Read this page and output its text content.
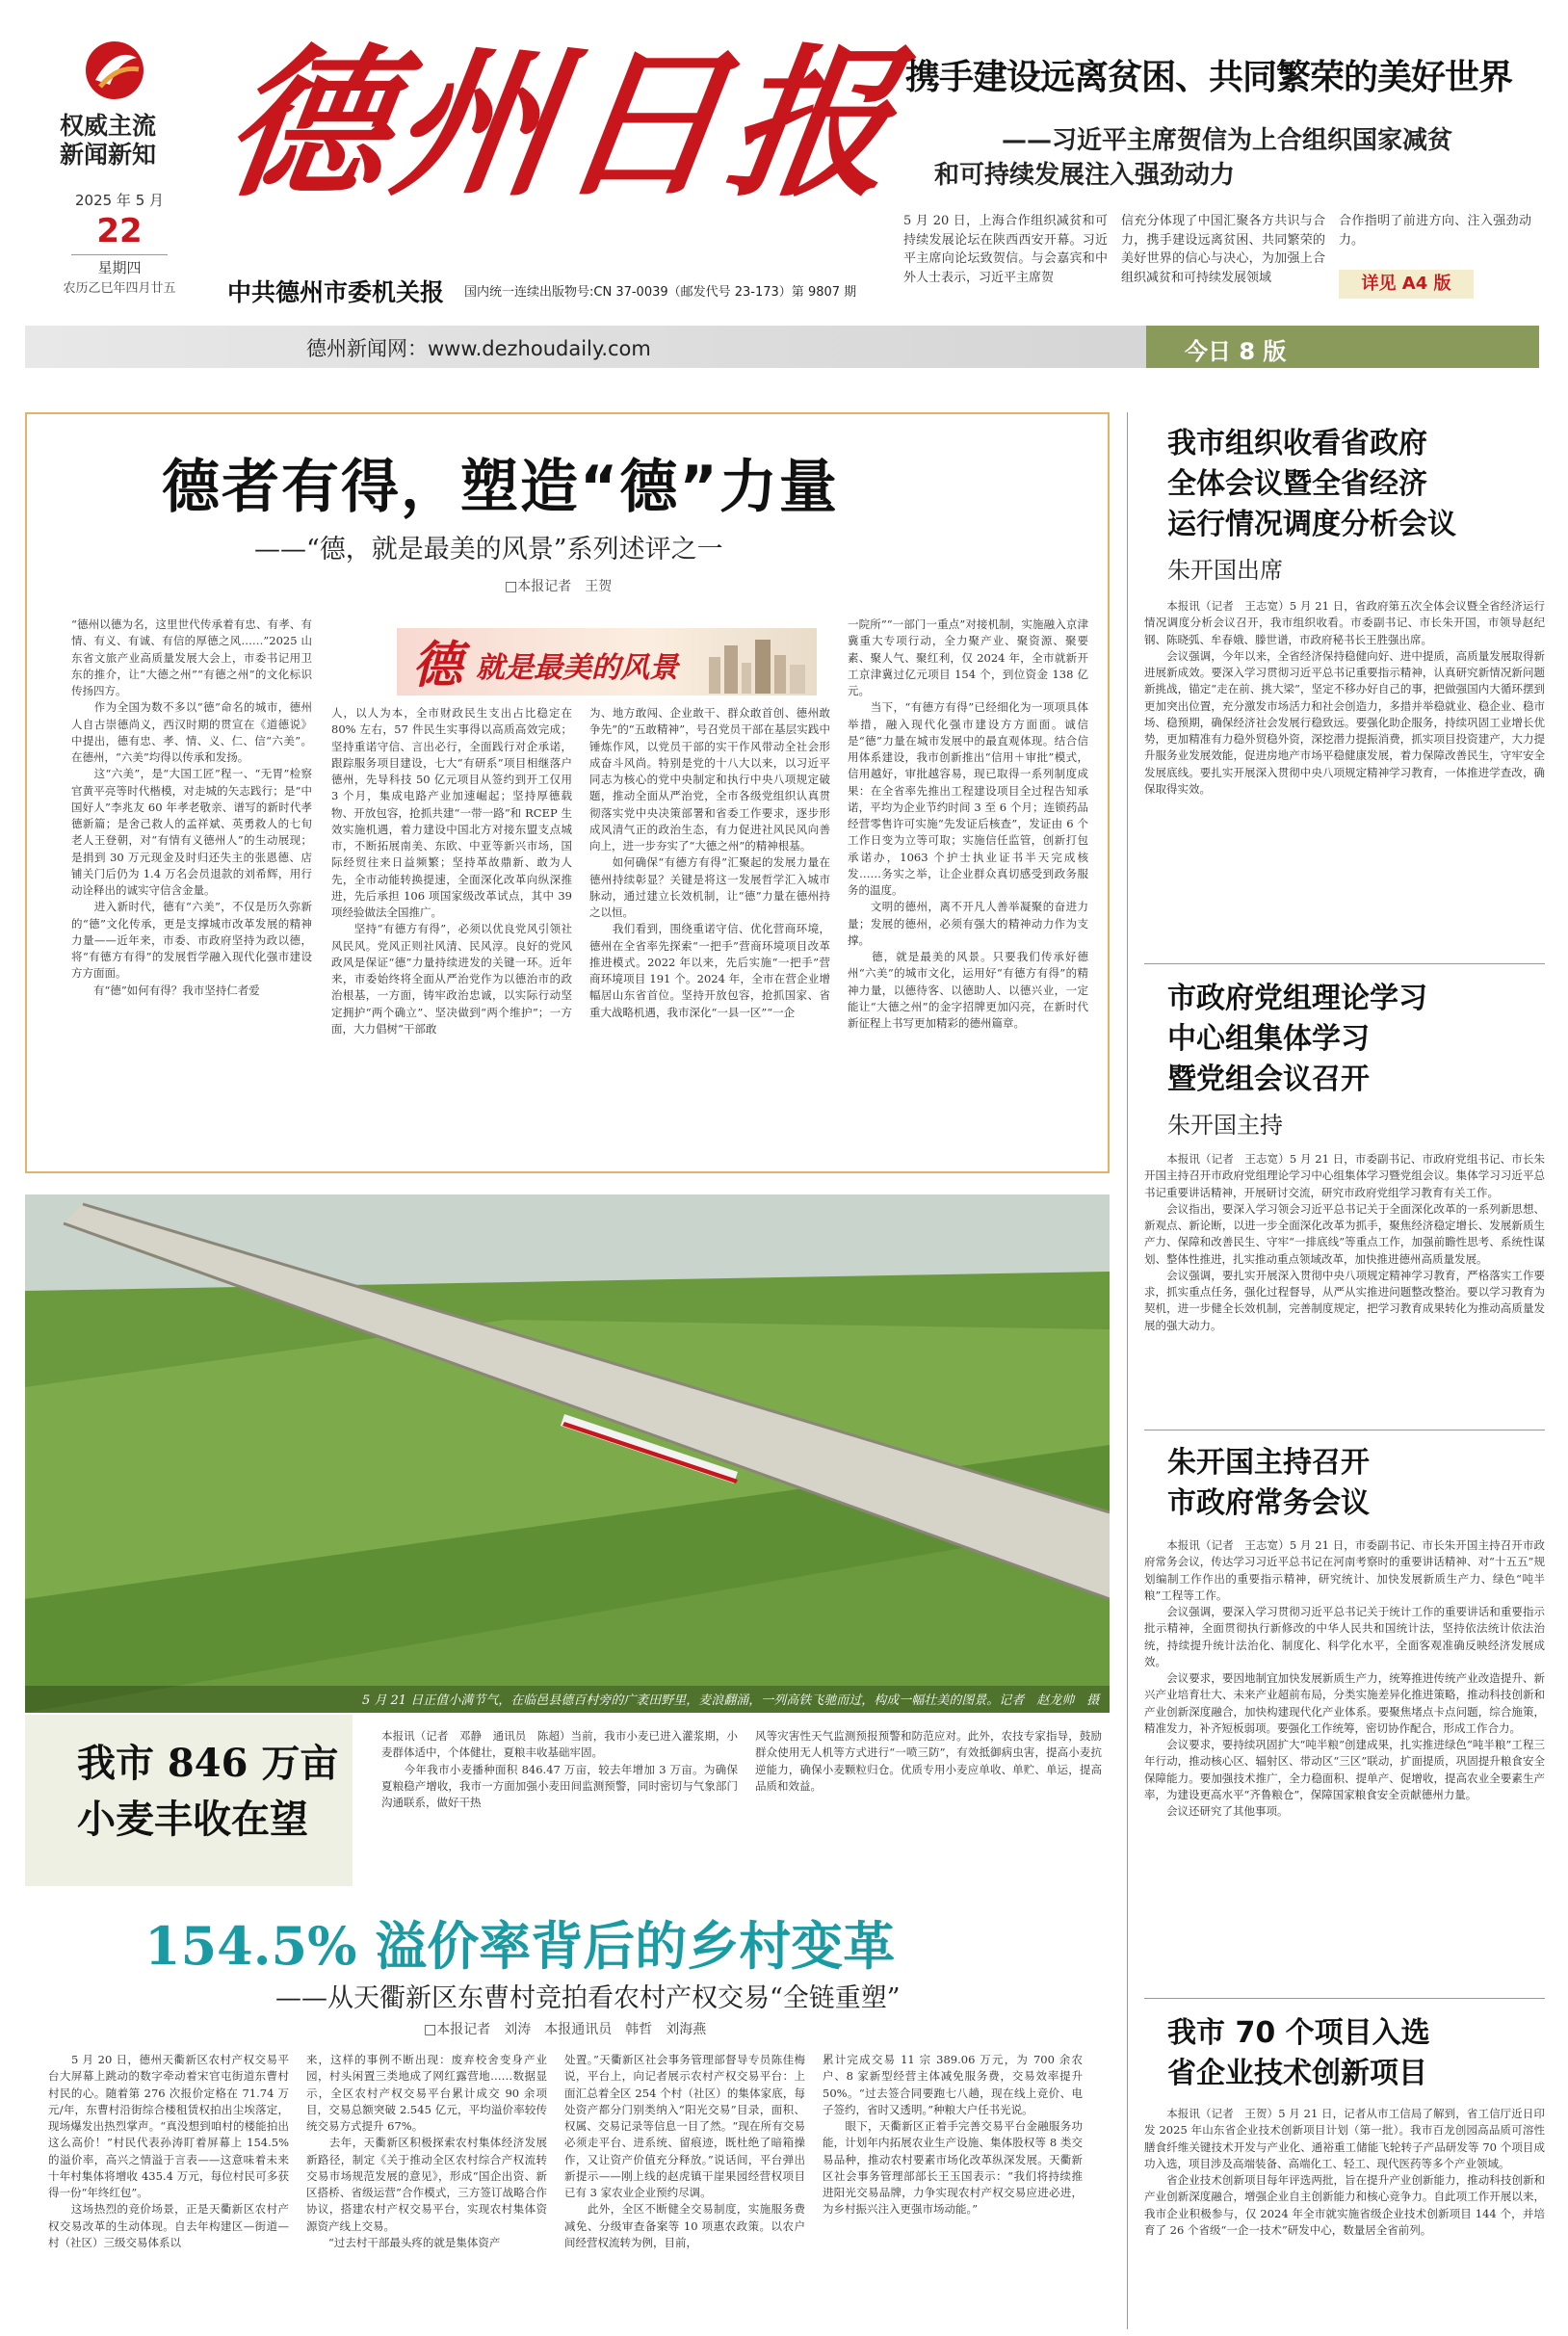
权威主流
新闻新知
2025 年 5 月
22
星期四
农历乙巳年四月廿五
德州日报
中共德州市委机关报 国内统一连续出版物号:CN 37-0039（邮发代号 23-173）第 9807 期
携手建设远离贫困、共同繁荣的美好世界
——习近平主席贺信为上合组织国家减贫
和可持续发展注入强劲动力
5 月 20 日，上海合作组织减贫和可持续发展论坛在陕西西安开幕。习近平主席向论坛致贺信。与会嘉宾和中外人士表示，习近平主席贺
信充分体现了中国汇聚各方共识与合力，携手建设远离贫困、共同繁荣的美好世界的信心与决心，为加强上合组织减贫和可持续发展领域
合作指明了前进方向、注入强劲动力。
详见 A4 版
德州新闻网：www.dezhoudaily.com	今日 8 版
德者有得，塑造“德”力量
——“德，就是最美的风景”系列述评之一
□本报记者　王贺
德 就是最美的风景
“德州以德为名，这里世代传承着有忠、有孝、有情、有义、有诚、有信的厚德之风……”2025 山东省文旅产业高质量发展大会上，市委书记用卫东的推介，让“大德之州”“有德之州”的文化标识传扬四方。
　　作为全国为数不多以“德”命名的城市，德州人自古崇德尚义，西汉时期的贯宣在《道德说》中提出，德有忠、孝、情、义、仁、信“六美”。在德州，“六美”均得以传承和发扬。
　　这“六美”，是“大国工匠”程一、“无胃”检察官黄平亮等时代楷模，对走城的矢志践行；是“中国好人”李兆友 60 年孝老敬亲、谱写的新时代孝德新篇；是舍己救人的孟祥斌、英勇救人的七旬老人王登朝，对“有情有义德州人”的生动展现；是捐到 30 万元现金及时归还失主的张恩德、店铺关门后仍为 1.4 万名会员退款的刘希辉，用行动诠释出的诚实守信含金量。
　　进入新时代，德有“六美”，不仅是历久弥新的“德”文化传承，更是支撑城市改革发展的精神力量——近年来，市委、市政府坚持为政以德，将“有德方有得”的发展哲学融入现代化强市建设方方面面。
　　有“德”如何有得？我市坚持仁者爱
人，以人为本，全市财政民生支出占比稳定在 80% 左右，57 件民生实事得以高质高效完成；坚持重诺守信、言出必行，全面践行对企承诺，跟踪服务项目建设，七大“有研系”项目相继落户德州，先导科技 50 亿元项目从签约到开工仅用 3 个月，集成电路产业加速崛起；坚持厚德载物、开放包容，抢抓共建“一带一路”和 RCEP 生效实施机遇，着力建设中国北方对接东盟支点城市，不断拓展南美、东欧、中亚等新兴市场，国际经贸往来日益频繁；坚持革故鼎新、敢为人先，全市动能转换提速，全面深化改革向纵深推进，先后承担 106 项国家级改革试点，其中 39 项经验做法全国推广。
　　坚持“有德方有得”，必须以优良党风引领社风民风。党风正则社风清、民风淳。良好的党风政风是保证“德”力量持续进发的关键一环。近年来，市委始终将全面从严治党作为以德治市的政治根基，一方面，铸牢政治忠诚，以实际行动坚定拥护“两个确立”、坚决做到“两个维护”；一方面，大力倡树“干部敢
为、地方敢闯、企业敢干、群众敢首创、德州敢争先”的“五敢精神”，号召党员干部在基层实践中锤炼作风，以党员干部的实干作风带动全社会形成奋斗风尚。特别是党的十八大以来，以习近平同志为核心的党中央制定和执行中央八项规定破题，推动全面从严治党，全市各级党组织认真贯彻落实党中央决策部署和省委工作要求，逐步形成风清气正的政治生态，有力促进社风民风向善向上，进一步夯实了“大德之州”的精神根基。
　　如何确保“有德方有得”汇聚起的发展力量在德州持续彰显？关键是将这一发展哲学汇入城市脉动，通过建立长效机制，让“德”力量在德州持之以恒。
　　我们看到，围绕重诺守信、优化营商环境，德州在全省率先探索“一把手”营商环境项目改革推进模式。2022 年以来，先后实施“一把手”营商环境项目 191 个。2024 年，全市在营企业增幅居山东省首位。坚持开放包容，抢抓国家、省重大战略机遇，我市深化“一县一区”“一企
一院所”“一部门一重点”对接机制，实施融入京津冀重大专项行动，全力聚产业、聚资源、聚要素、聚人气、聚红利，仅 2024 年，全市就新开工京津冀过亿元项目 154 个，到位资金 138 亿元。
　　当下，“有德方有得”已经细化为一项项具体举措，融入现代化强市建设方方面面。诚信是“德”力量在城市发展中的最直观体现。结合信用体系建设，我市创新推出“信用＋审批”模式，信用越好，审批越容易，现已取得一系列制度成果：在全省率先推出工程建设项目全过程告知承诺，平均为企业节约时间 3 至 6 个月；连锁药品经营零售许可实施“先发证后核查”，发证由 6 个工作日变为立等可取；实施信任监管，创新打包承诺办，1063 个护士执业证书半天完成核发……务实之举，让企业群众真切感受到政务服务的温度。
　　文明的德州，离不开凡人善举凝聚的奋进力量；发展的德州，必须有强大的精神动力作为支撑。
　　德，就是最美的风景。只要我们传承好德州“六美”的城市文化，运用好“有德方有得”的精神力量，以德待客、以德助人、以德兴业，一定能让“大德之州”的金字招牌更加闪亮，在新时代新征程上书写更加精彩的德州篇章。
5 月 21 日正值小满节气，在临邑县德百村旁的广袤田野里，麦浪翻涌，一列高铁飞驰而过，构成一幅壮美的图景。记者　赵龙帅　摄
我市 846 万亩
小麦丰收在望
本报讯（记者　邓静　通讯员　陈超）当前，我市小麦已进入灌浆期，小麦群体适中，个体健壮，夏粮丰收基础牢固。
　　今年我市小麦播种面积 846.47 万亩，较去年增加 3 万亩。为确保夏粮稳产增收，我市一方面加强小麦田间监测预警，同时密切与气象部门沟通联系，做好干热
风等灾害性天气监测预报预警和防范应对。此外，农技专家指导，鼓励群众使用无人机等方式进行“一喷三防”，有效抵御病虫害，提高小麦抗逆能力，确保小麦颗粒归仓。优质专用小麦应单收、单贮、单运，提高品质和效益。
154.5% 溢价率背后的乡村变革
——从天衢新区东曹村竞拍看农村产权交易“全链重塑”
□本报记者　刘涛　本报通讯员　韩哲　刘海燕
　　5 月 20 日，德州天衢新区农村产权交易平台大屏幕上跳动的数字牵动着宋官屯街道东曹村村民的心。随着第 276 次报价定格在 71.74 万元/年，东曹村沿街综合楼租赁权拍出尘埃落定，现场爆发出热烈掌声。“真没想到咱村的楼能拍出这么高价！”村民代表孙涛盯着屏幕上 154.5% 的溢价率，高兴之情溢于言表——这意味着未来十年村集体将增收 435.4 万元，每位村民可多获得一份“年终红包”。
　　这场热烈的竞价场景，正是天衢新区农村产权交易改革的生动体现。自去年构建区—街道—村（社区）三级交易体系以
来，这样的事例不断出现：废弃校舍变身产业园，村头闲置三类地成了网红露营地……数据显示，全区农村产权交易平台累计成交 90 余项目，交易总额突破 2.545 亿元，平均溢价率较传统交易方式提升 67%。
　　去年，天衢新区积极探索农村集体经济发展新路径，制定《关于推动全区农村综合产权流转交易市场规范发展的意见》，形成“国企出资、新区搭桥、省级运营”合作模式，三方签订战略合作协议，搭建农村产权交易平台，实现农村集体资源资产线上交易。
　　“过去村干部最头疼的就是集体资产
处置。”天衢新区社会事务管理部督导专员陈佳梅说，平台上，向记者展示农村产权交易平台：上面汇总着全区 254 个村（社区）的集体家底，每处资产都分门别类纳入“阳光交易”目录，面积、权属、交易记录等信息一目了然。“现在所有交易必须走平台、进系统、留痕迹，既杜绝了暗箱操作，又让资产价值充分释放。”说话间，平台弹出新提示——刚上线的赵虎镇干崖果园经营权项目已有 3 家农业企业预约尽调。
　　此外，全区不断健全交易制度，实施服务费减免、分级审查备案等 10 项惠农政策。以农户间经营权流转为例，目前，
累计完成交易 11 宗 389.06 万元，为 700 余农户、8 家新型经营主体减免服务费，交易效率提升 50%。“过去签合同要跑七八趟，现在线上竞价、电子签约，省时又透明。”种粮大户任书光说。
　　眼下，天衢新区正着手完善交易平台金融服务功能，计划年内拓展农业生产设施、集体股权等 8 类交易品种，推动农村要素市场化改革纵深发展。天衢新区社会事务管理部部长王玉国表示：“我们将持续推进阳光交易品牌，力争实现农村产权交易应进必进，为乡村振兴注入更强市场动能。”
我市组织收看省政府
全体会议暨全省经济
运行情况调度分析会议
朱开国出席
　　本报讯（记者　王志宽）5 月 21 日，省政府第五次全体会议暨全省经济运行情况调度分析会议召开，我市组织收看。市委副书记、市长朱开国，市领导赵纪钢、陈晓弧、牟春娥、滕世谱，市政府秘书长王胜强出席。
　　会议强调，今年以来，全省经济保持稳健向好、进中提质，高质量发展取得新进展新成效。要深入学习贯彻习近平总书记重要指示精神，认真研究新情况新问题新挑战，锚定“走在前、挑大梁”，坚定不移办好自己的事，把做强国内大循环摆到更加突出位置，充分激发市场活力和社会创造力，多措并举稳就业、稳企业、稳市场、稳预期，确保经济社会发展行稳致远。要强化助企服务，持续巩固工业增长优势，更加精准有力稳外贸稳外资，深挖潜力提振消费，抓实项目投资建产，大力提升服务业发展效能，促进房地产市场平稳健康发展，着力保障改善民生，守牢安全发展底线。要扎实开展深入贯彻中央八项规定精神学习教育，一体推进学查改，确保取得实效。
市政府党组理论学习
中心组集体学习
暨党组会议召开
朱开国主持
　　本报讯（记者　王志宽）5 月 21 日，市委副书记、市政府党组书记、市长朱开国主持召开市政府党组理论学习中心组集体学习暨党组会议。集体学习习近平总书记重要讲话精神，开展研讨交流，研究市政府党组学习教育有关工作。
　　会议指出，要深入学习领会习近平总书记关于全面深化改革的一系列新思想、新观点、新论断，以进一步全面深化改革为抓手，聚焦经济稳定增长、发展新质生产力、保障和改善民生、守牢“一排底线”等重点工作，加强前瞻性思考、系统性谋划、整体性推进，扎实推动重点领域改革，加快推进德州高质量发展。
　　会议强调，要扎实开展深入贯彻中央八项规定精神学习教育，严格落实工作要求，抓实重点任务，强化过程督导，从严从实推进问题整改整治。要以学习教育为契机，进一步健全长效机制，完善制度规定，把学习教育成果转化为推动高质量发展的强大动力。
朱开国主持召开
市政府常务会议
　　本报讯（记者　王志宽）5 月 21 日，市委副书记、市长朱开国主持召开市政府常务会议，传达学习习近平总书记在河南考察时的重要讲话精神、对“十五五”规划编制工作作出的重要指示精神，研究统计、加快发展新质生产力、绿色“吨半粮”工程等工作。
　　会议强调，要深入学习贯彻习近平总书记关于统计工作的重要讲话和重要指示批示精神，全面贯彻执行新修改的中华人民共和国统计法，坚持依法统计依法治统，持续提升统计法治化、制度化、科学化水平，全面客观准确反映经济发展成效。
　　会议要求，要因地制宜加快发展新质生产力，统筹推进传统产业改造提升、新兴产业培育壮大、未来产业超前布局，分类实施差异化推进策略，推动科技创新和产业创新深度融合，加快构建现代化产业体系。要聚焦堵点卡点问题，综合施策，精准发力，补齐短板弱项。要强化工作统筹，密切协作配合，形成工作合力。
　　会议要求，要持续巩固扩大“吨半粮”创建成果，扎实推进绿色“吨半粮”工程三年行动，推动核心区、辐射区、带动区“三区”联动，扩面提质，巩固提升粮食安全保障能力。要加强技术推广，全力稳面积、提单产、促增收，提高农业全要素生产率，为建设更高水平“齐鲁粮仓”，保障国家粮食安全贡献德州力量。
　　会议还研究了其他事项。
我市 70 个项目入选
省企业技术创新项目
　　本报讯（记者　王贺）5 月 21 日，记者从市工信局了解到，省工信厅近日印发 2025 年山东省企业技术创新项目计划（第一批）。我市百龙创园高品质可溶性膳食纤维关键技术开发与产业化、通裕重工储能飞轮转子产品研发等 70 个项目成功入选，项目涉及高端装备、高端化工、轻工、现代医药等多个产业领域。
　　省企业技术创新项目每年评选两批，旨在提升产业创新能力，推动科技创新和产业创新深度融合，增强企业自主创新能力和核心竞争力。自此项工作开展以来，我市企业积极参与，仅 2024 年全市就实施省级企业技术创新项目 144 个，并培育了 26 个省级“一企一技术”研发中心，数量居全省前列。
